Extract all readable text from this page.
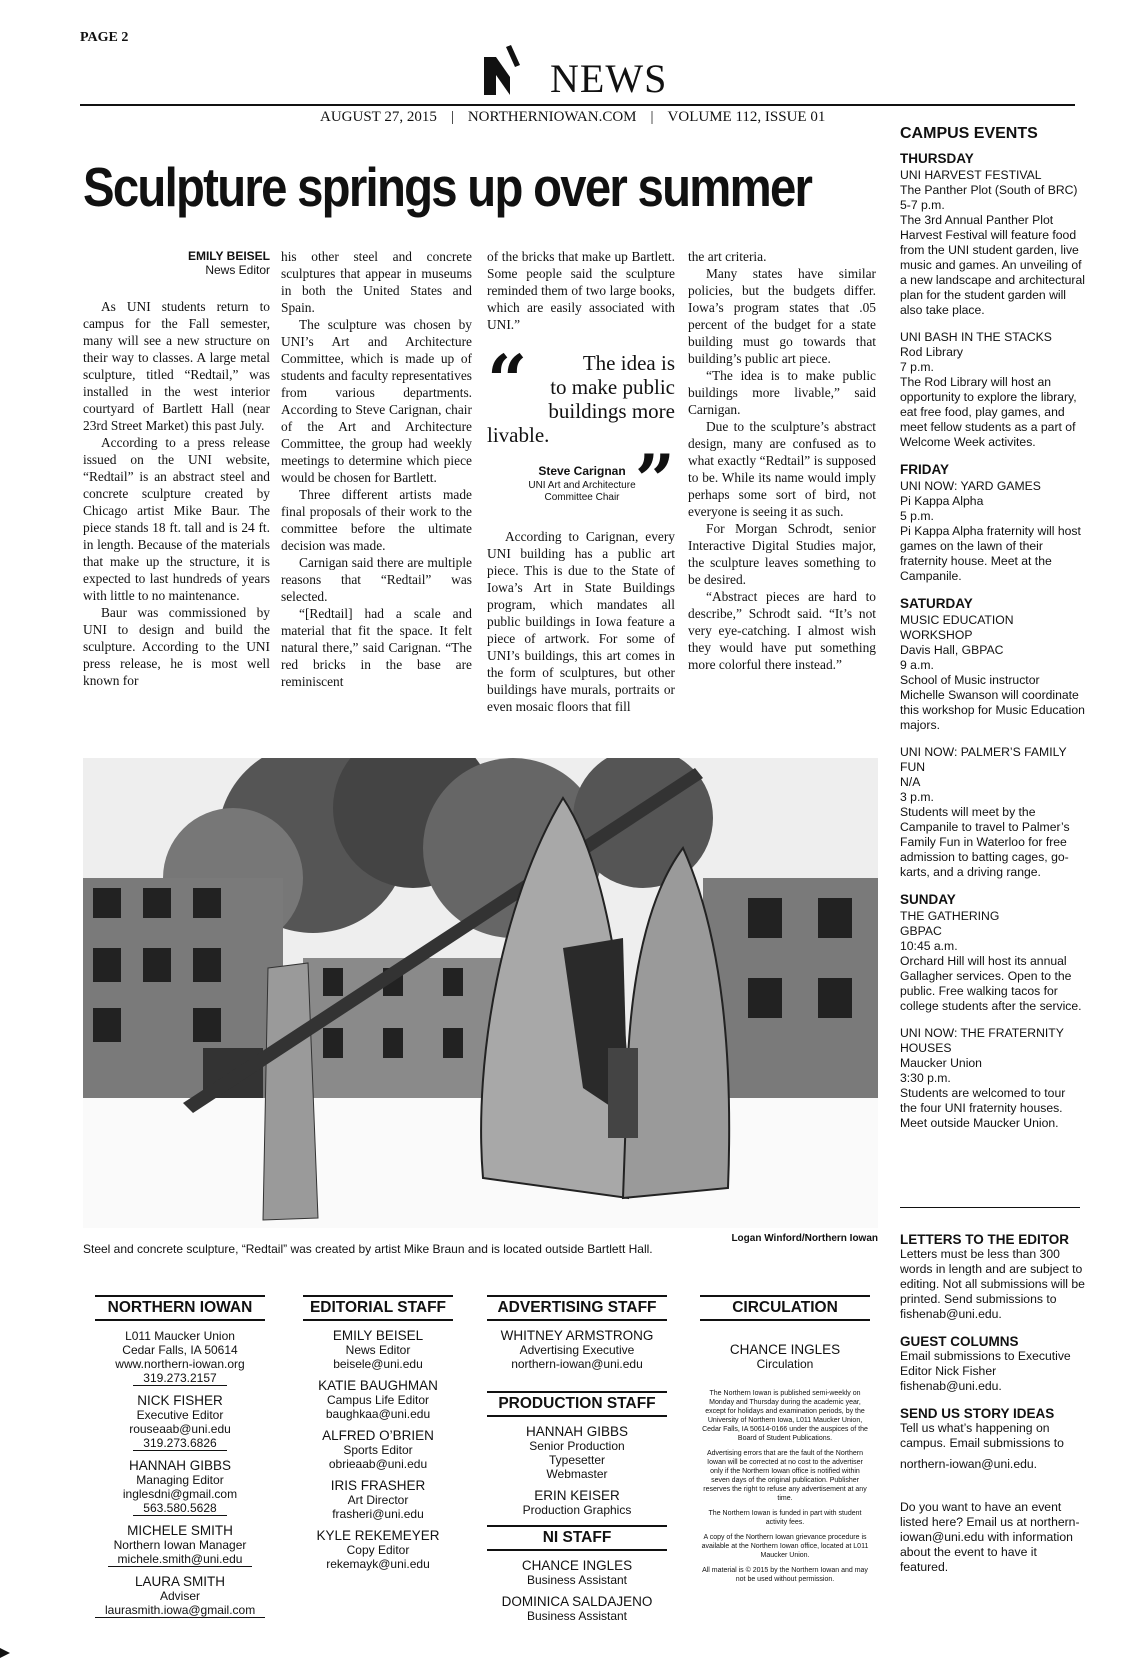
PAGE 2
NEWS
AUGUST 27, 2015 | NORTHERNIOWAN.COM | VOLUME 112, ISSUE 01
Sculpture springs up over summer
EMILY BEISEL
News Editor

As UNI students return to campus for the Fall semester, many will see a new structure on their way to classes. A large metal sculpture, titled “Redtail,” was installed in the west interior courtyard of Bartlett Hall (near 23rd Street Market) this past July.

According to a press release issued on the UNI website, “Redtail” is an abstract steel and concrete sculpture created by Chicago artist Mike Baur. The piece stands 18 ft. tall and is 24 ft. in length. Because of the materials that make up the structure, it is expected to last hundreds of years with little to no maintenance.

Baur was commissioned by UNI to design and build the sculpture. According to the UNI press release, he is most well known for

his other steel and concrete sculptures that appear in museums in both the United States and Spain.

The sculpture was chosen by UNI’s Art and Architecture Committee, which is made up of students and faculty representatives from various departments. According to Steve Carignan, chair of the Art and Architecture Committee, the group had weekly meetings to determine which piece would be chosen for Bartlett.

Three different artists made final proposals of their work to the committee before the ultimate decision was made.

Carnigan said there are multiple reasons that “Redtail” was selected.

“[Redtail] had a scale and material that fit the space. It felt natural there,” said Carignan. “The red bricks in the base are reminiscent

of the bricks that make up Bartlett. Some people said the sculpture reminded them of two large books, which are easily associated with UNI.”

“	The idea is
to make public
buildings more
livable.
Steve Carignan
UNI Art and Architecture Committee Chair ”

According to Carignan, every UNI building has a public art piece. This is due to the State of Iowa’s Art in State Buildings program, which mandates all public buildings in Iowa feature a piece of artwork. For some of UNI’s buildings, this art comes in the form of sculptures, but other buildings have murals, portraits or even mosaic floors that fill

the art criteria.

Many states have similar policies, but the budgets differ. Iowa’s program states that .05 percent of the budget for a state building must go towards that building’s public art piece.

“The idea is to make public buildings more livable,” said Carnigan.

Due to the sculpture’s abstract design, many are confused as to what exactly “Redtail” is supposed to be. While its name would imply perhaps some sort of bird, not everyone is seeing it as such.

For Morgan Schrodt, senior Interactive Digital Studies major, the sculpture leaves something to be desired.

“Abstract pieces are hard to describe,” Schrodt said. “It’s not very eye-catching. I almost wish they would have put something more colorful there instead.”

Logan Winford/Northern Iowan
Steel and concrete sculpture, “Redtail” was created by artist Mike Braun and is located outside Bartlett Hall.
CAMPUS EVENTS
THURSDAY
UNI HARVEST FESTIVAL
The Panther Plot (South of BRC)
5-7 p.m.
The 3rd Annual Panther Plot Harvest Festival will feature food from the UNI student garden, live music and games. An unveiling of a new landscape and architectural plan for the student garden will also take place.
UNI BASH IN THE STACKS
Rod Library
7 p.m.
The Rod Library will host an opportunity to explore the library, eat free food, play games, and meet fellow students as a part of Welcome Week activites.
FRIDAY
UNI NOW: YARD GAMES
Pi Kappa Alpha
5 p.m.
Pi Kappa Alpha fraternity will host games on the lawn of their fraternity house. Meet at the Campanile.
SATURDAY
MUSIC EDUCATION WORKSHOP
Davis Hall, GBPAC
9 a.m.
School of Music instructor Michelle Swanson will coordinate this workshop for Music Education majors.
UNI NOW: PALMER’S FAMILY FUN
N/A
3 p.m.
Students will meet by the Campanile to travel to Palmer’s Family Fun in Waterloo for free admission to batting cages, go-karts, and a driving range.
SUNDAY
THE GATHERING
GBPAC
10:45 a.m.
Orchard Hill will host its annual Gallagher services. Open to the public. Free walking tacos for college students after the service.
UNI NOW: THE FRATERNITY HOUSES
Maucker Union
3:30 p.m.
Students are welcomed to tour the four UNI fraternity houses. Meet outside Maucker Union.
LETTERS TO THE EDITOR

Letters must be less than 300 words in length and are subject to editing. Not all submissions will be printed. Send submissions to fishenab@uni.edu.

GUEST COLUMNS

Email submissions to Executive Editor Nick Fisher fishenab@uni.edu.

SEND US STORY IDEAS

Tell us what’s happening on campus. Email submissions to

northern-iowan@uni.edu.

Do you want to have an event listed here? Email us at northern-iowan@uni.edu with information about the event to have it featured.

NORTHERN IOWAN
L011 Maucker Union
Cedar Falls, IA 50614
www.northern-iowan.org
319.273.2157
NICK FISHER
Executive Editor
rouseaab@uni.edu
319.273.6826
HANNAH GIBBS
Managing Editor
inglesdni@gmail.com
563.580.5628
MICHELE SMITH
Northern Iowan Manager
michele.smith@uni.edu
LAURA SMITH
Adviser
laurasmith.iowa@gmail.com
EDITORIAL STAFF
EMILY BEISEL
News Editor
beisele@uni.edu
KATIE BAUGHMAN
Campus Life Editor
baughkaa@uni.edu
ALFRED O’BRIEN
Sports Editor
obrieaab@uni.edu
IRIS FRASHER
Art Director
frasheri@uni.edu
KYLE REKEMEYER
Copy Editor
rekemayk@uni.edu
ADVERTISING STAFF
WHITNEY ARMSTRONG
Advertising Executive
northern-iowan@uni.edu
PRODUCTION STAFF
HANNAH GIBBS
Senior Production
Typesetter
Webmaster
ERIN KEISER
Production Graphics
NI STAFF
CHANCE INGLES
Business Assistant
DOMINICA SALDAJENO
Business Assistant
CIRCULATION
CHANCE INGLES
Circulation
The Northern Iowan is published semi-weekly on Monday and Thursday during the academic year, except for holidays and examination periods, by the University of Northern Iowa, L011 Maucker Union, Cedar Falls, IA 50614-0166 under the auspices of the Board of Student Publications.
Advertising errors that are the fault of the Northern Iowan will be corrected at no cost to the advertiser only if the Northern Iowan office is notified within seven days of the original publication. Publisher reserves the right to refuse any advertisement at any time.
The Northern Iowan is funded in part with student activity fees.
A copy of the Northern Iowan grievance procedure is available at the Northern Iowan office, located at L011 Maucker Union.
All material is © 2015 by the Northern Iowan and may not be used without permission.
